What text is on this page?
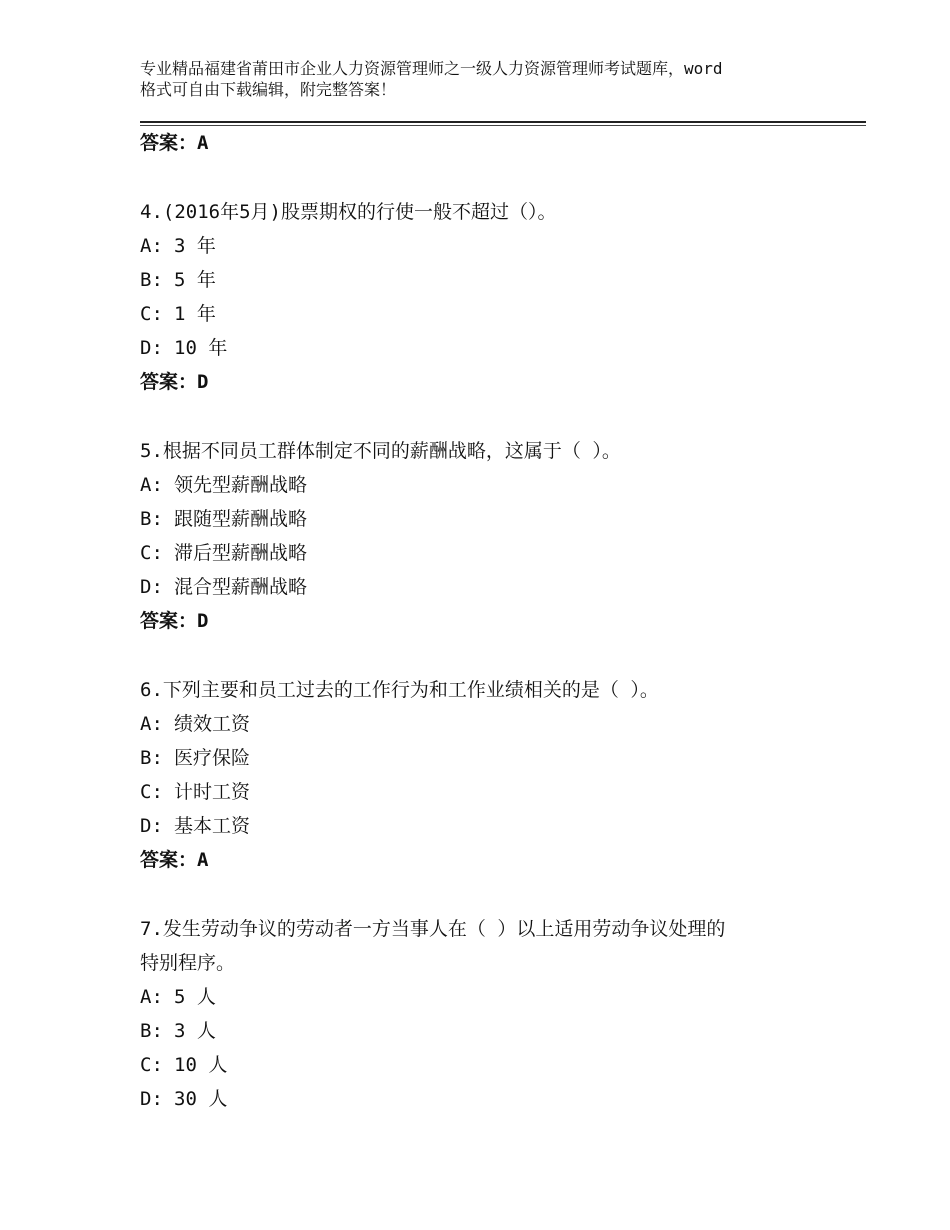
专业精品福建省莆田市企业人力资源管理师之一级人力资源管理师考试题库，word
格式可自由下载编辑，附完整答案！
答案：A
4.(2016年5月)股票期权的行使一般不超过（）。
A: 3 年
B: 5 年
C: 1 年
D: 10 年
答案：D
5.根据不同员工群体制定不同的薪酬战略，这属于（ ）。
A: 领先型薪酬战略
B: 跟随型薪酬战略
C: 滞后型薪酬战略
D: 混合型薪酬战略
答案：D
6.下列主要和员工过去的工作行为和工作业绩相关的是（ ）。
A: 绩效工资
B: 医疗保险
C: 计时工资
D: 基本工资
答案：A
7.发生劳动争议的劳动者一方当事人在（ ）以上适用劳动争议处理的
特别程序。
A: 5 人
B: 3 人
C: 10 人
D: 30 人
